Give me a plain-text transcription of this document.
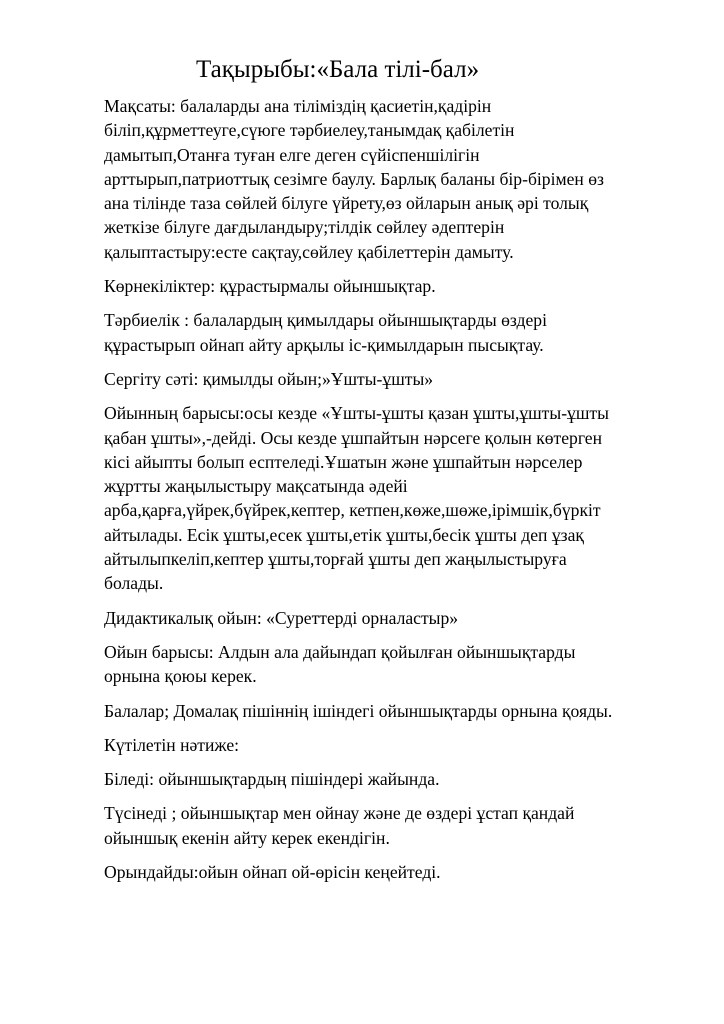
Тақырыбы:«Бала тілі-бал»
Мақсаты: балаларды ана тіліміздің қасиетін,қадірін
біліп,құрметтеуге,сүюге тәрбиелеу,танымдақ қабілетін
дамытып,Отанға туған елге деген сүйіспеншілігін
арттырып,патриоттық сезімге баулу. Барлық баланы бір-бірімен өз
ана тілінде таза сөйлей білуге үйрету,өз ойларын анық әрі толық
жеткізе білуге дағдыландыру;тілдік сөйлеу әдептерін
қалыптастыру:есте сақтау,сөйлеу қабілеттерін дамыту.
Көрнекіліктер: құрастырмалы ойыншықтар.
Тәрбиелік : балалардың қимылдары ойыншықтарды өздері
құрастырып ойнап айту арқылы іс-қимылдарын пысықтау.
Сергіту сәті: қимылды ойын;»Ұшты-ұшты»
Ойынның барысы:осы кезде «Ұшты-ұшты қазан ұшты,ұшты-ұшты
қабан ұшты»,-дейді. Осы кезде ұшпайтын нәрсеге қолын көтерген
кісі айыпты болып есптеледі.Ұшатын және ұшпайтын нәрселер
жұртты жаңылыстыру мақсатында әдейі
арба,қарға,үйрек,бүйрек,кептер, кетпен,көже,шөже,ірімшік,бүркіт
айтылады. Есік ұшты,есек ұшты,етік ұшты,бесік ұшты деп ұзақ
айтылыпкеліп,кептер ұшты,торғай ұшты деп жаңылыстыруға
болады.
Дидактикалық ойын: «Суреттерді орналастыр»
Ойын барысы: Алдын ала дайындап қойылған ойыншықтарды
орнына қоюы керек.
Балалар; Домалақ пішіннің ішіндегі ойыншықтарды орнына қояды.
Күтілетін нәтиже:
Біледі: ойыншықтардың пішіндері жайында.
Түсінеді ; ойыншықтар мен ойнау және де өздері ұстап қандай
ойыншық екенін айту керек екендігін.
Орындайды:ойын ойнап ой-өрісін кеңейтеді.
